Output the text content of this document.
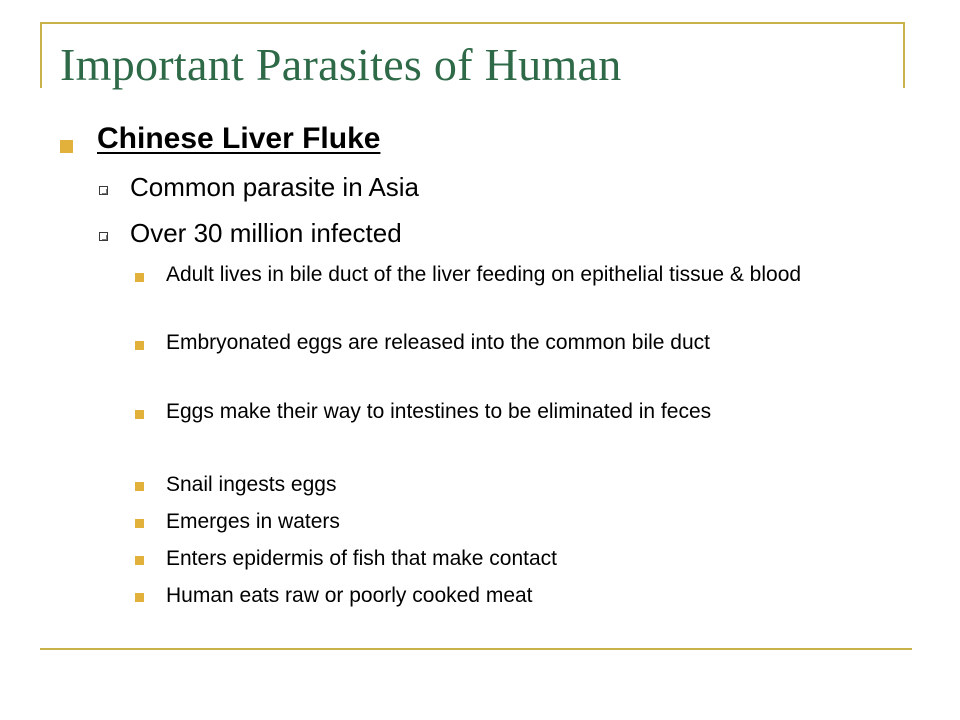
Important Parasites of Human
Chinese Liver Fluke
Common parasite in Asia
Over 30 million infected
Adult lives in bile duct of the liver feeding on epithelial tissue & blood
Embryonated eggs are released into the common bile duct
Eggs make their way to intestines to be eliminated in feces
Snail ingests eggs
Emerges in waters
Enters epidermis of fish that make contact
Human eats raw or poorly cooked meat
